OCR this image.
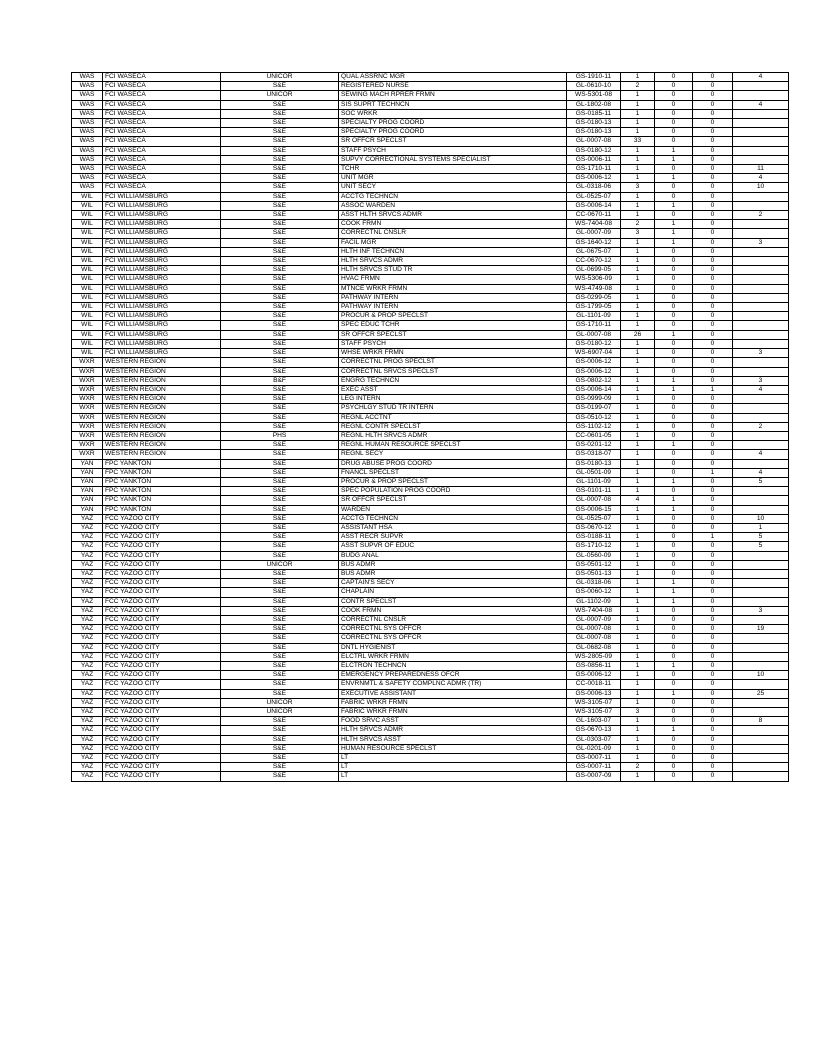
WAS	FCI WASECA	UNICOR	QUAL ASSRNC MGR	GS-1910-11	1	0	0	4
WAS	FCI WASECA	S&E	REGISTERED NURSE	GL-0610-10	2	0	0	
WAS	FCI WASECA	UNICOR	SEWING MACH RPRER FRMN	WS-5301-08	1	0	0	
WAS	FCI WASECA	S&E	SIS SUPRT TECHNCN	GL-1802-08	1	0	0	4
WAS	FCI WASECA	S&E	SOC WRKR	GS-0185-11	1	0	0	
WAS	FCI WASECA	S&E	SPECIALTY PROG COORD	GS-0180-13	1	0	0	
WAS	FCI WASECA	S&E	SPECIALTY PROG COORD	GS-0180-13	1	0	0	
WAS	FCI WASECA	S&E	SR OFFCR SPECLST	GL-0007-08	33	0	0	
WAS	FCI WASECA	S&E	STAFF PSYCH	GS-0180-12	1	1	0	
WAS	FCI WASECA	S&E	SUPVY CORRECTIONAL SYSTEMS SPECIALIST	GS-0006-11	1	1	0	
WAS	FCI WASECA	S&E	TCHR	GS-1710-11	1	0	0	11
WAS	FCI WASECA	S&E	UNIT MGR	GS-0006-12	1	1	0	4
WAS	FCI WASECA	S&E	UNIT SECY	GL-0318-06	3	0	0	10
WIL	FCI WILLIAMSBURG	S&E	ACCTG TECHNCN	GL-0525-07	1	0	0	
WIL	FCI WILLIAMSBURG	S&E	ASSOC WARDEN	GS-0006-14	1	1	0	
WIL	FCI WILLIAMSBURG	S&E	ASST HLTH SRVCS ADMR	CC-0670-11	1	0	0	2
WIL	FCI WILLIAMSBURG	S&E	COOK FRMN	WS-7404-08	2	1	0	
WIL	FCI WILLIAMSBURG	S&E	CORRECTNL CNSLR	GL-0007-09	3	1	0	
WIL	FCI WILLIAMSBURG	S&E	FACIL MGR	GS-1640-12	1	1	0	3
WIL	FCI WILLIAMSBURG	S&E	HLTH INF TECHNCN	GL-0675-07	1	0	0	
WIL	FCI WILLIAMSBURG	S&E	HLTH SRVCS ADMR	CC-0670-12	1	0	0	
WIL	FCI WILLIAMSBURG	S&E	HLTH SRVCS STUD TR	GL-0699-05	1	0	0	
WIL	FCI WILLIAMSBURG	S&E	HVAC FRMN	WS-5306-09	1	0	0	
WIL	FCI WILLIAMSBURG	S&E	MTNCE WRKR FRMN	WS-4749-08	1	0	0	
WIL	FCI WILLIAMSBURG	S&E	PATHWAY INTERN	GS-0299-05	1	0	0	
WIL	FCI WILLIAMSBURG	S&E	PATHWAY INTERN	GS-1799-05	1	0	0	
WIL	FCI WILLIAMSBURG	S&E	PROCUR & PROP SPECLST	GL-1101-09	1	0	0	
WIL	FCI WILLIAMSBURG	S&E	SPEC EDUC TCHR	GS-1710-11	1	0	0	
WIL	FCI WILLIAMSBURG	S&E	SR OFFCR SPECLST	GL-0007-08	26	1	0	
WIL	FCI WILLIAMSBURG	S&E	STAFF PSYCH	GS-0180-12	1	0	0	
WIL	FCI WILLIAMSBURG	S&E	WHSE WRKR FRMN	WS-6907-04	1	0	0	3
WXR	WESTERN REGION	S&E	CORRECTNL PROG SPECLST	GS-0006-12	1	0	0	
WXR	WESTERN REGION	S&E	CORRECTNL SRVCS SPECLST	GS-0006-12	1	0	0	
WXR	WESTERN REGION	B&F	ENGRG TECHNCN	GS-0802-12	1	1	0	3
WXR	WESTERN REGION	S&E	EXEC ASST	GS-0006-14	1	1	1	4
WXR	WESTERN REGION	S&E	LEG INTERN	GS-0999-09	1	0	0	
WXR	WESTERN REGION	S&E	PSYCHLGY STUD TR INTERN	GS-0199-07	1	0	0	
WXR	WESTERN REGION	S&E	REGNL ACCTNT	GS-0510-12	1	0	0	
WXR	WESTERN REGION	S&E	REGNL CONTR SPECLST	GS-1102-12	1	0	0	2
WXR	WESTERN REGION	PHS	REGNL HLTH SRVCS ADMR	CC-0601-05	1	0	0	
WXR	WESTERN REGION	S&E	REGNL HUMAN RESOURCE SPECLST	GS-0201-12	1	1	0	
WXR	WESTERN REGION	S&E	REGNL SECY	GS-0318-07	1	0	0	4
YAN	FPC YANKTON	S&E	DRUG ABUSE PROG COORD	GS-0180-13	1	0	0	
YAN	FPC YANKTON	S&E	FNANCL SPECLST	GL-0501-09	1	0	1	4
YAN	FPC YANKTON	S&E	PROCUR & PROP SPECLST	GL-1101-09	1	1	0	5
YAN	FPC YANKTON	S&E	SPEC POPULATION PROG COORD	GS-0101-11	1	0	0	
YAN	FPC YANKTON	S&E	SR OFFCR SPECLST	GL-0007-08	4	1	0	
YAN	FPC YANKTON	S&E	WARDEN	GS-0006-15	1	1	0	
YAZ	FCC YAZOO CITY	S&E	ACCTG TECHNCN	GL-0525-07	1	0	0	10
YAZ	FCC YAZOO CITY	S&E	ASSISTANT HSA	GS-0670-12	1	0	0	1
YAZ	FCC YAZOO CITY	S&E	ASST RECR SUPVR	GS-0188-11	1	0	1	5
YAZ	FCC YAZOO CITY	S&E	ASST SUPVR OF EDUC	GS-1710-12	1	0	0	5
YAZ	FCC YAZOO CITY	S&E	BUDG ANAL	GL-0560-09	1	0	0	
YAZ	FCC YAZOO CITY	UNICOR	BUS ADMR	GS-0501-12	1	0	0	
YAZ	FCC YAZOO CITY	S&E	BUS ADMR	GS-0501-13	1	0	0	
YAZ	FCC YAZOO CITY	S&E	CAPTAIN'S SECY	GL-0318-06	1	1	0	
YAZ	FCC YAZOO CITY	S&E	CHAPLAIN	GS-0060-12	1	1	0	
YAZ	FCC YAZOO CITY	S&E	CONTR SPECLST	GL-1102-09	1	1	0	
YAZ	FCC YAZOO CITY	S&E	COOK FRMN	WS-7404-08	1	0	0	3
YAZ	FCC YAZOO CITY	S&E	CORRECTNL CNSLR	GL-0007-09	1	0	0	
YAZ	FCC YAZOO CITY	S&E	CORRECTNL SYS OFFCR	GL-0007-08	1	0	0	19
YAZ	FCC YAZOO CITY	S&E	CORRECTNL SYS OFFCR	GL-0007-08	1	0	0	
YAZ	FCC YAZOO CITY	S&E	DNTL HYGIENIST	GL-0682-08	1	0	0	
YAZ	FCC YAZOO CITY	S&E	ELCTRL WRKR FRMN	WS-2805-09	1	0	0	
YAZ	FCC YAZOO CITY	S&E	ELCTRON TECHNCN	GS-0856-11	1	1	0	
YAZ	FCC YAZOO CITY	S&E	EMERGENCY PREPAREDNESS OFCR	GS-0006-12	1	0	0	10
YAZ	FCC YAZOO CITY	S&E	ENVRNMTL & SAFETY COMPLNC ADMR (TR)	CC-0018-11	1	0	0	
YAZ	FCC YAZOO CITY	S&E	EXECUTIVE ASSISTANT	GS-0006-13	1	1	0	25
YAZ	FCC YAZOO CITY	UNICOR	FABRIC WRKR FRMN	WS-3105-07	1	0	0	
YAZ	FCC YAZOO CITY	UNICOR	FABRIC WRKR FRMN	WS-3105-07	3	0	0	
YAZ	FCC YAZOO CITY	S&E	FOOD SRVC ASST	GL-1603-07	1	0	0	8
YAZ	FCC YAZOO CITY	S&E	HLTH SRVCS ADMR	GS-0670-13	1	1	0	
YAZ	FCC YAZOO CITY	S&E	HLTH SRVCS ASST	GL-0303-07	1	0	0	
YAZ	FCC YAZOO CITY	S&E	HUMAN RESOURCE SPECLST	GL-0201-09	1	0	0	
YAZ	FCC YAZOO CITY	S&E	LT	GS-0007-11	1	0	0	
YAZ	FCC YAZOO CITY	S&E	LT	GS-0007-11	2	0	0	
YAZ	FCC YAZOO CITY	S&E	LT	GS-0007-09	1	0	0	
